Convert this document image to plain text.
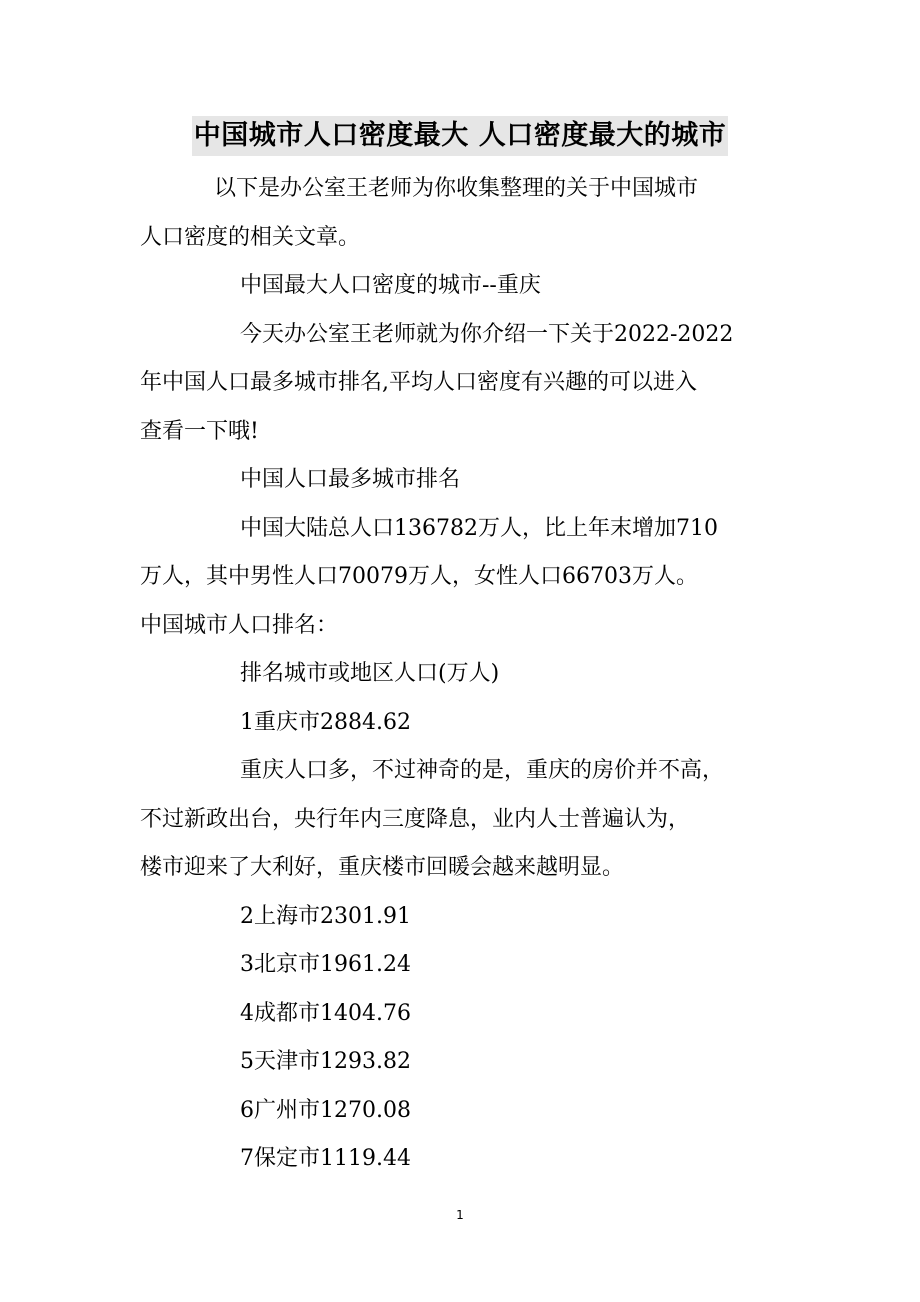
中国城市人口密度最大 人口密度最大的城市
以下是办公室王老师为你收集整理的关于中国城市
人口密度的相关文章。
中国最大人口密度的城市--重庆
今天办公室王老师就为你介绍一下关于2022-2022
年中国人口最多城市排名,平均人口密度有兴趣的可以进入
查看一下哦!
中国人口最多城市排名
中国大陆总人口136782万人，比上年末增加710
万人，其中男性人口70079万人，女性人口66703万人。
中国城市人口排名：
排名城市或地区人口(万人)
1重庆市2884.62
重庆人口多，不过神奇的是，重庆的房价并不高，
不过新政出台，央行年内三度降息，业内人士普遍认为，
楼市迎来了大利好，重庆楼市回暖会越来越明显。
2上海市2301.91
3北京市1961.24
4成都市1404.76
5天津市1293.82
6广州市1270.08
7保定市1119.44
1
